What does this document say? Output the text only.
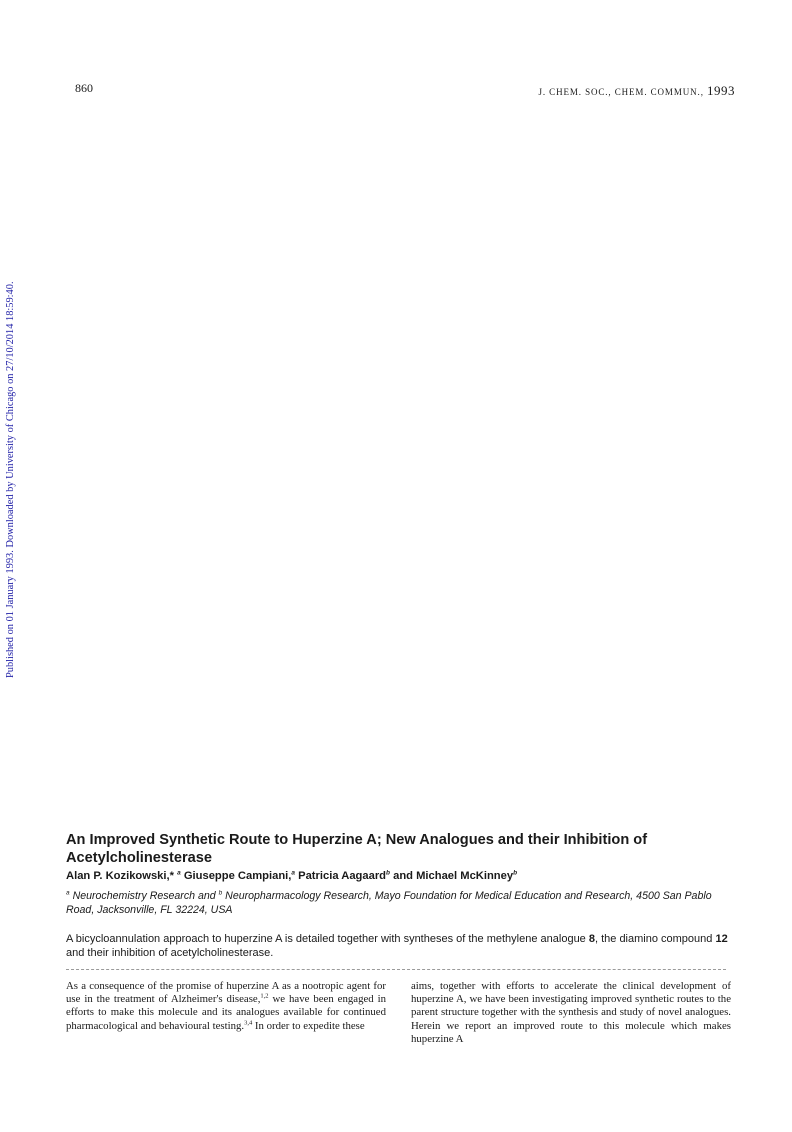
860	J. CHEM. SOC., CHEM. COMMUN., 1993
Published on 01 January 1993. Downloaded by University of Chicago on 27/10/2014 18:59:40.
An Improved Synthetic Route to Huperzine A; New Analogues and their Inhibition of Acetylcholinesterase
Alan P. Kozikowski,* $^a$ Giuseppe Campiani,$^a$ Patricia Aagaard$^b$ and Michael McKinney$^b$
$^a$ Neurochemistry Research and $^b$ Neuropharmacology Research, Mayo Foundation for Medical Education and Research, 4500 San Pablo Road, Jacksonville, FL 32224, USA
A bicycloannulation approach to huperzine A is detailed together with syntheses of the methylene analogue 8, the diamino compound 12 and their inhibition of acetylcholinesterase.

As a consequence of the promise of huperzine A as a nootropic agent for use in the treatment of Alzheimer's disease,$^{1,2}$ we have been engaged in efforts to make this molecule and its analogues available for continued pharmacological and behavioural testing.$^{3,4}$ In order to expedite these

aims, together with efforts to accelerate the clinical development of huperzine A, we have been investigating improved synthetic routes to the parent structure together with the synthesis and study of novel analogues. Herein we report an improved route to this molecule which makes huperzine A
